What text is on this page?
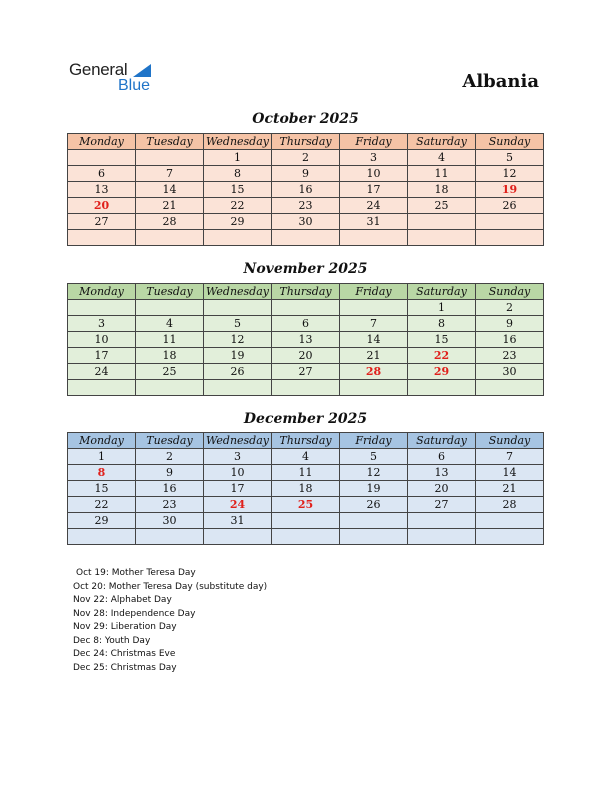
General
Blue	Albania
October 2025
Monday	Tuesday	Wednesday	Thursday	Friday	Saturday	Sunday
		1	2	3	4	5
6	7	8	9	10	11	12
13	14	15	16	17	18	19
20	21	22	23	24	25	26
27	28	29	30	31		

November 2025
Monday	Tuesday	Wednesday	Thursday	Friday	Saturday	Sunday
					1	2
3	4	5	6	7	8	9
10	11	12	13	14	15	16
17	18	19	20	21	22	23
24	25	26	27	28	29	30

December 2025
Monday	Tuesday	Wednesday	Thursday	Friday	Saturday	Sunday
1	2	3	4	5	6	7
8	9	10	11	12	13	14
15	16	17	18	19	20	21
22	23	24	25	26	27	28
29	30	31				

Oct 19: Mother Teresa Day
Oct 20: Mother Teresa Day (substitute day)
Nov 22: Alphabet Day
Nov 28: Independence Day
Nov 29: Liberation Day
Dec 8: Youth Day
Dec 24: Christmas Eve
Dec 25: Christmas Day
